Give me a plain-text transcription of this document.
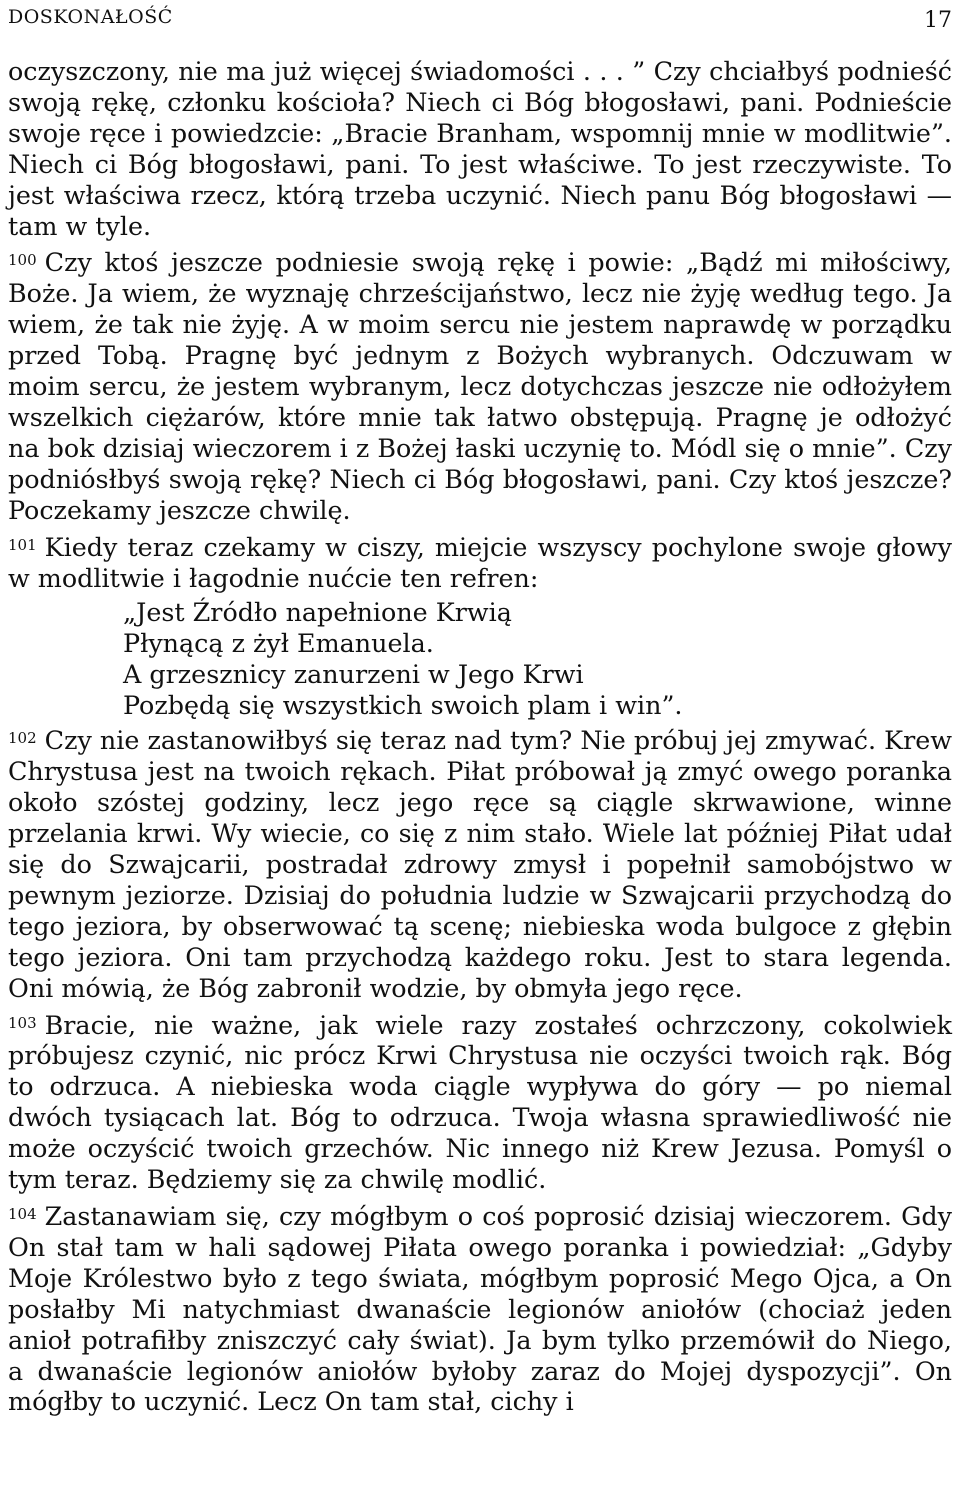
DOSKONAŁOŚĆ	17

oczyszczony, nie ma już więcej świadomości . . . ” Czy chciałbyś podnieść swoją rękę, członku kościoła? Niech ci Bóg błogosławi, pani. Podnieście swoje ręce i powiedzcie: „Bracie Branham, wspomnij mnie w modlitwie”. Niech ci Bóg błogosławi, pani. To jest właściwe. To jest rzeczywiste. To jest właściwa rzecz, którą trzeba uczynić. Niech panu Bóg błogosławi — tam w tyle.

$^{100}$ Czy ktoś jeszcze podniesie swoją rękę i powie: „Bądź mi miłościwy, Boże. Ja wiem, że wyznaję chrześcijaństwo, lecz nie żyję według tego. Ja wiem, że tak nie żyję. A w moim sercu nie jestem naprawdę w porządku przed Tobą. Pragnę być jednym z Bożych wybranych. Odczuwam w moim sercu, że jestem wybranym, lecz dotychczas jeszcze nie odłożyłem wszelkich ciężarów, które mnie tak łatwo obstępują. Pragnę je odłożyć na bok dzisiaj wieczorem i z Bożej łaski uczynię to. Módl się o mnie”. Czy podniósłbyś swoją rękę? Niech ci Bóg błogosławi, pani. Czy ktoś jeszcze? Poczekamy jeszcze chwilę.

$^{101}$ Kiedy teraz czekamy w ciszy, miejcie wszyscy pochylone swoje głowy w modlitwie i łagodnie nućcie ten refren:

„Jest Źródło napełnione Krwią
Płynącą z żył Emanuela.
A grzesznicy zanurzeni w Jego Krwi
Pozbędą się wszystkich swoich plam i win”.

$^{102}$ Czy nie zastanowiłbyś się teraz nad tym? Nie próbuj jej zmywać. Krew Chrystusa jest na twoich rękach. Piłat próbował ją zmyć owego poranka około szóstej godziny, lecz jego ręce są ciągle skrwawione, winne przelania krwi. Wy wiecie, co się z nim stało. Wiele lat później Piłat udał się do Szwajcarii, postradał zdrowy zmysł i popełnił samobójstwo w pewnym jeziorze. Dzisiaj do południa ludzie w Szwajcarii przychodzą do tego jeziora, by obserwować tą scenę; niebieska woda bulgoce z głębin tego jeziora. Oni tam przychodzą każdego roku. Jest to stara legenda. Oni mówią, że Bóg zabronił wodzie, by obmyła jego ręce.

$^{103}$ Bracie, nie ważne, jak wiele razy zostałeś ochrzczony, cokolwiek próbujesz czynić, nic prócz Krwi Chrystusa nie oczyści twoich rąk. Bóg to odrzuca. A niebieska woda ciągle wypływa do góry — po niemal dwóch tysiącach lat. Bóg to odrzuca. Twoja własna sprawiedliwość nie może oczyścić twoich grzechów. Nic innego niż Krew Jezusa. Pomyśl o tym teraz. Będziemy się za chwilę modlić.

$^{104}$ Zastanawiam się, czy mógłbym o coś poprosić dzisiaj wieczorem. Gdy On stał tam w hali sądowej Piłata owego poranka i powiedział: „Gdyby Moje Królestwo było z tego świata, mógłbym poprosić Mego Ojca, a On posłałby Mi natychmiast dwanaście legionów aniołów (chociaż jeden anioł potrafiłby zniszczyć cały świat). Ja bym tylko przemówił do Niego, a dwanaście legionów aniołów byłoby zaraz do Mojej dyspozycji”. On mógłby to uczynić. Lecz On tam stał, cichy i
